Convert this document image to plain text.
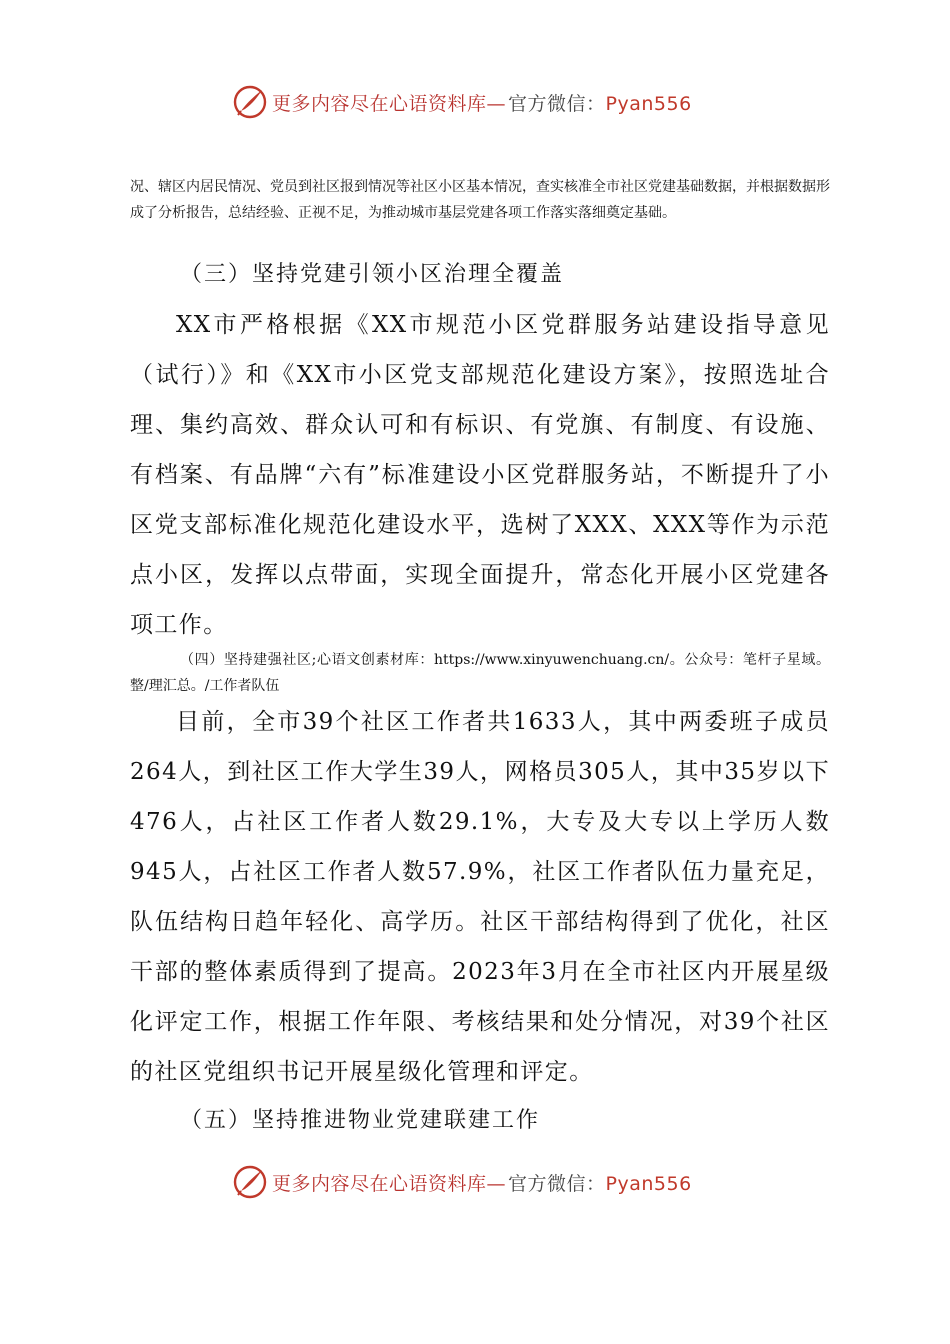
更多内容尽在心语资料库— 官方微信：Pyan556
况、辖区内居民情况、党员到社区报到情况等社区小区基本情况，查实核准全市社区党建基础数据，并根据数据形成了分析报告，总结经验、正视不足，为推动城市基层党建各项工作落实落细奠定基础。
（三）坚持党建引领小区治理全覆盖
XX市严格根据《XX市规范小区党群服务站建设指导意见（试行）》和《XX市小区党支部规范化建设方案》，按照选址合理、集约高效、群众认可和有标识、有党旗、有制度、有设施、有档案、有品牌“六有”标准建设小区党群服务站，不断提升了小区党支部标准化规范化建设水平，选树了XXX、XXX等作为示范点小区，发挥以点带面，实现全面提升，常态化开展小区党建各项工作。
（四）坚持建强社区;心语文创素材库：https://www.xinyuwenchuang.cn/。公众号：笔杆子星域。整/理汇总。/工作者队伍
目前，全市39个社区工作者共1633人，其中两委班子成员264人，到社区工作大学生39人，网格员305人，其中35岁以下476人，占社区工作者人数29.1%，大专及大专以上学历人数945人，占社区工作者人数57.9%，社区工作者队伍力量充足，队伍结构日趋年轻化、高学历。社区干部结构得到了优化，社区干部的整体素质得到了提高。2023年3月在全市社区内开展星级化评定工作，根据工作年限、考核结果和处分情况，对39个社区的社区党组织书记开展星级化管理和评定。
（五）坚持推进物业党建联建工作
更多内容尽在心语资料库— 官方微信：Pyan556
